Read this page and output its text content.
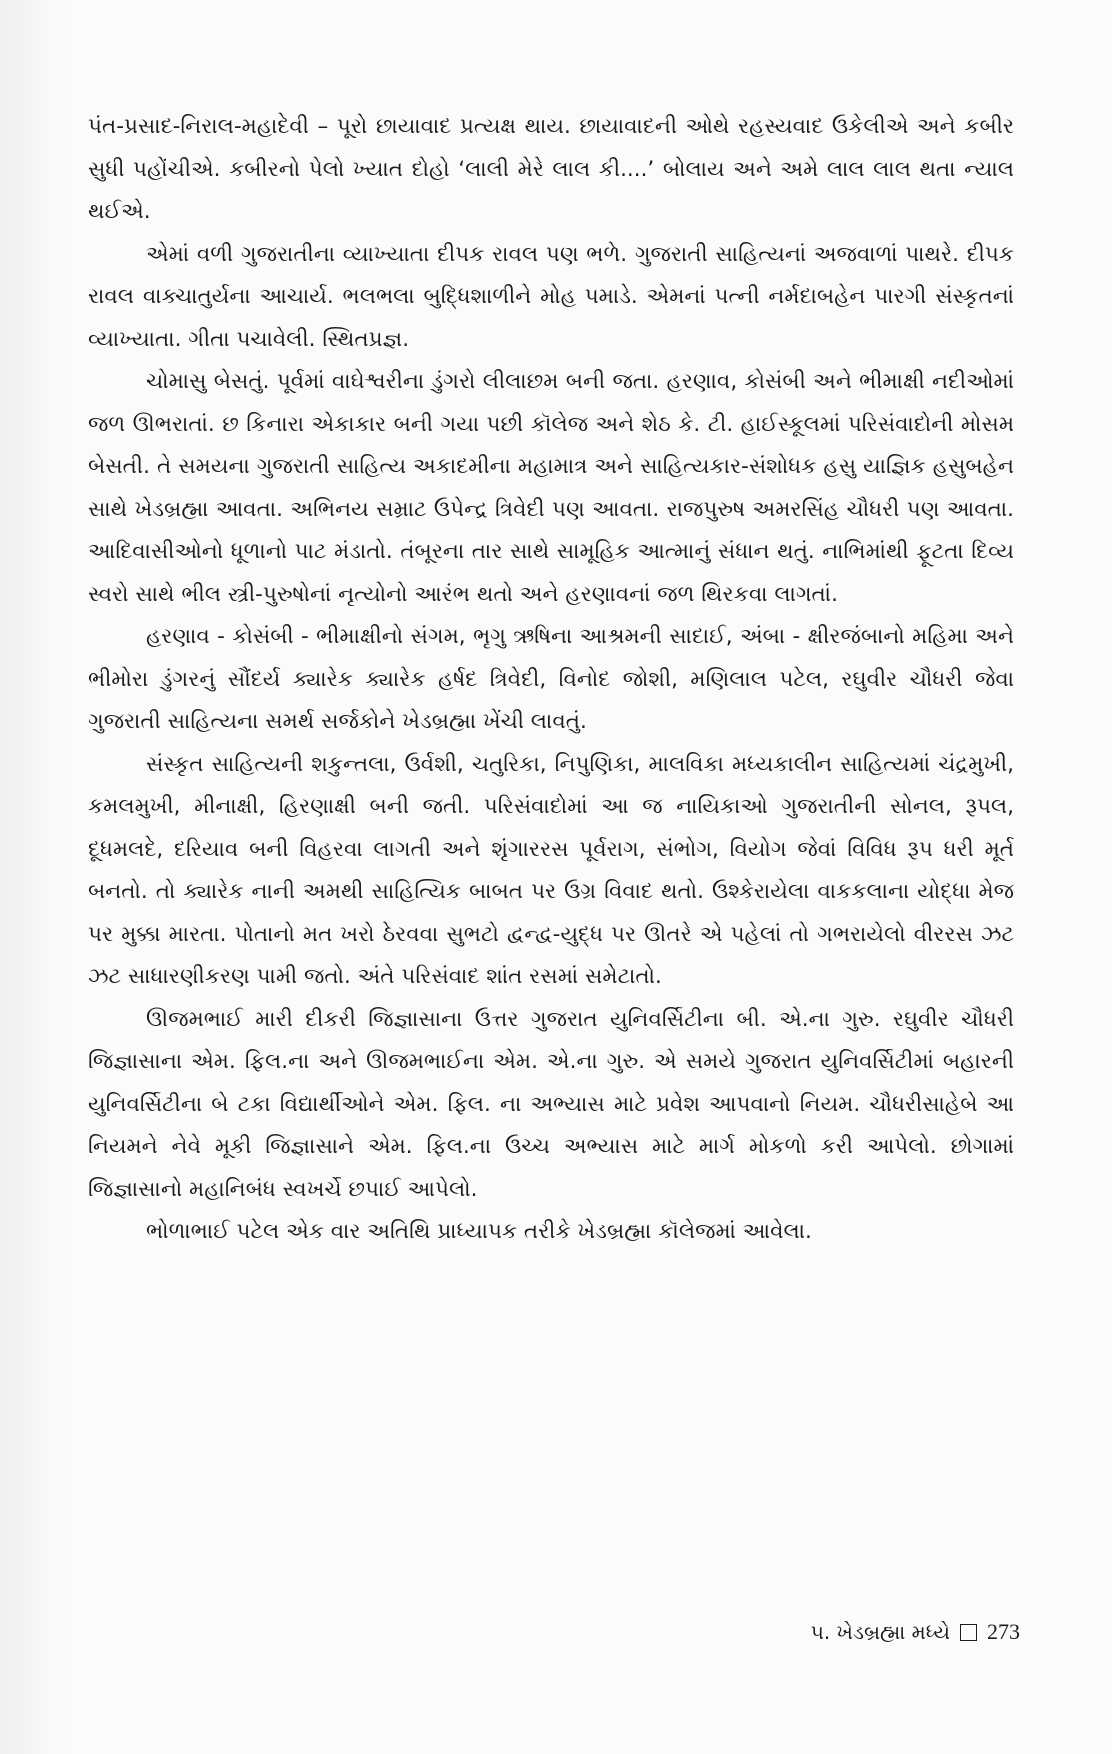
પંત-પ્રસાદ-નિરાલ-મહાદેવી – પૂરો છાયાવાદ પ્રત્યક્ષ થાય. છાયાવાદની ઓથે રહસ્યવાદ ઉકેલીએ અને કબીર સુધી પહોંચીએ. કબીરનો પેલો ખ્યાત દોહો ‘લાલી મેરે લાલ કી....’ બોલાય અને અમે લાલ લાલ થતા ન્યાલ થઈએ.

એમાં વળી ગુજરાતીના વ્યાખ્યાતા દીપક રાવલ પણ ભળે. ગુજરાતી સાહિત્યનાં અજવાળાં પાથરે. દીપક રાવલ વાક્ચાતુર્યના આચાર્ય. ભલભલા બુદ્ધિશાળીને મોહ પમાડે. એમનાં પત્ની નર્મદાબહેન પારગી સંસ્કૃતનાં વ્યાખ્યાતા. ગીતા પચાવેલી. સ્થિતપ્રજ્ઞ.

ચોમાસુ બેસતું. પૂર્વમાં વાઘેશ્વરીના ડુંગરો લીલાછમ બની જતા. હરણાવ, કોસંબી અને ભીમાક્ષી નદીઓમાં જળ ઊભરાતાં. છ કિનારા એકાકાર બની ગયા પછી કૉલેજ અને શેઠ કે. ટી. હાઈસ્કૂલમાં પરિસંવાદોની મોસમ બેસતી. તે સમયના ગુજરાતી સાહિત્ય અકાદમીના મહામાત્ર અને સાહિત્યકાર-સંશોધક હસુ યાજ્ઞિક હસુબહેન સાથે ખેડબ્રહ્મા આવતા. અભિનય સમ્રાટ ઉપેન્દ્ર ત્રિવેદી પણ આવતા. રાજપુરુષ અમરસિંહ ચૌધરી પણ આવતા. આદિવાસીઓનો ધૂળાનો પાટ મંડાતો. તંબૂરના તાર સાથે સામૂહિક આત્માનું સંધાન થતું. નાભિમાંથી ફૂટતા દિવ્ય સ્વરો સાથે ભીલ સ્ત્રી-પુરુષોનાં નૃત્યોનો આરંભ થતો અને હરણાવનાં જળ થિરકવા લાગતાં.

હરણાવ - કોસંબી - ભીમાક્ષીનો સંગમ, ભૃગુ ઋષિના આશ્રમની સાદાઈ, અંબા - ક્ષીરજંબાનો મહિમા અને ભીમોરા ડુંગરનું સૌંદર્ય ક્યારેક ક્યારેક હર્ષદ ત્રિવેદી, વિનોદ જોશી, મણિલાલ પટેલ, રઘુવીર ચૌધરી જેવા ગુજરાતી સાહિત્યના સમર્થ સર્જકોને ખેડબ્રહ્મા ખેંચી લાવતું.

સંસ્કૃત સાહિત્યની શકુન્તલા, ઉર્વશી, ચતુરિકા, નિપુણિકા, માલવિકા મધ્યકાલીન સાહિત્યમાં ચંદ્રમુખી, કમલમુખી, મીનાક્ષી, હિરણાક્ષી બની જતી. પરિસંવાદોમાં આ જ નાયિકાઓ ગુજરાતીની સોનલ, રૂપલ, દૂધમલદે, દરિયાવ બની વિહરવા લાગતી અને શૃંગારરસ પૂર્વરાગ, સંભોગ, વિયોગ જેવાં વિવિધ રૂપ ધરી મૂર્ત બનતો. તો ક્યારેક નાની અમથી સાહિત્યિક બાબત પર ઉગ્ર વિવાદ થતો. ઉશ્કેરાયેલા વાકકલાના યોદ્ધા મેજ પર મુક્કા મારતા. પોતાનો મત ખરો ઠેરવવા સુભટો દ્વન્દ્વ-યુદ્ધ પર ઊતરે એ પહેલાં તો ગભરાયેલો વીરરસ ઝટ ઝટ સાધારણીકરણ પામી જતો. અંતે પરિસંવાદ શાંત રસમાં સમેટાતો.

ઊજમભાઈ મારી દીકરી જિજ્ઞાસાના ઉત્તર ગુજરાત યુનિવર્સિટીના બી. એ.ના ગુરુ. રઘુવીર ચૌધરી જિજ્ઞાસાના એમ. ફિલ.ના અને ઊજમભાઈના એમ. એ.ના ગુરુ. એ સમયે ગુજરાત યુનિવર્સિટીમાં બહારની યુનિવર્સિટીના બે ટકા વિદ્યાર્થીઓને એમ. ફિલ. ના અભ્યાસ માટે પ્રવેશ આપવાનો નિયમ. ચૌધરીસાહેબે આ નિયમને નેવે મૂકી જિજ્ઞાસાને એમ. ફિલ.ના ઉચ્ચ અભ્યાસ માટે માર્ગ મોકળો કરી આપેલો. છોગામાં જિજ્ઞાસાનો મહાનિબંધ સ્વખર્ચે છપાઈ આપેલો.

ભોળાભાઈ પટેલ એક વાર અતિથિ પ્રાધ્યાપક તરીકે ખેડબ્રહ્મા કૉલેજમાં આવેલા.

૫. ખેડબ્રહ્મા મધ્યે 273
